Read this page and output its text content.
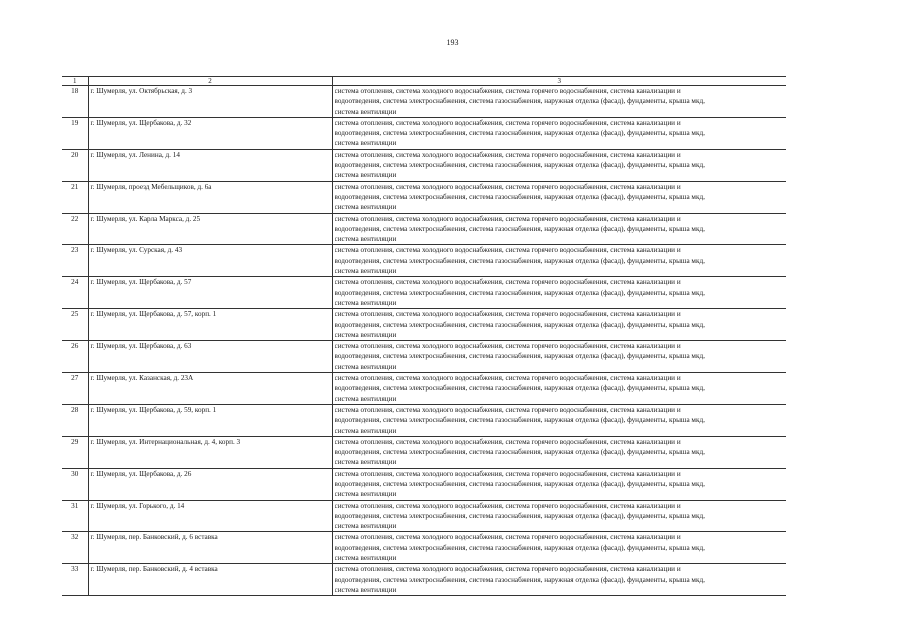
193
1	2	3
18	г. Шумерля, ул. Октябрьская, д. 3	система отопления, система холодного водоснабжения, система горячего водоснабжения, система канализации и
водоотведения, система электроснабжения, система газоснабжения, наружная отделка (фасад), фундаменты, крыша мкд,
система вентиляции

19	г. Шумерля, ул. Щербакова, д. 32	система отопления, система холодного водоснабжения, система горячего водоснабжения, система канализации и
водоотведения, система электроснабжения, система газоснабжения, наружная отделка (фасад), фундаменты, крыша мкд,
система вентиляции

20	г. Шумерля, ул. Ленина, д. 14	система отопления, система холодного водоснабжения, система горячего водоснабжения, система канализации и
водоотведения, система электроснабжения, система газоснабжения, наружная отделка (фасад), фундаменты, крыша мкд,
система вентиляции

21	г. Шумерля, проезд Мебельщиков, д. 6а	система отопления, система холодного водоснабжения, система горячего водоснабжения, система канализации и
водоотведения, система электроснабжения, система газоснабжения, наружная отделка (фасад), фундаменты, крыша мкд,
система вентиляции

22	г. Шумерля, ул. Карла Маркса, д. 25	система отопления, система холодного водоснабжения, система горячего водоснабжения, система канализации и
водоотведения, система электроснабжения, система газоснабжения, наружная отделка (фасад), фундаменты, крыша мкд,
система вентиляции

23	г. Шумерля, ул. Сурская, д. 43	система отопления, система холодного водоснабжения, система горячего водоснабжения, система канализации и
водоотведения, система электроснабжения, система газоснабжения, наружная отделка (фасад), фундаменты, крыша мкд,
система вентиляции

24	г. Шумерля, ул. Щербакова, д. 57	система отопления, система холодного водоснабжения, система горячего водоснабжения, система канализации и
водоотведения, система электроснабжения, система газоснабжения, наружная отделка (фасад), фундаменты, крыша мкд,
система вентиляции

25	г. Шумерля, ул. Щербакова, д. 57, корп. 1	система отопления, система холодного водоснабжения, система горячего водоснабжения, система канализации и
водоотведения, система электроснабжения, система газоснабжения, наружная отделка (фасад), фундаменты, крыша мкд,
система вентиляции

26	г. Шумерля, ул. Щербакова, д. 63	система отопления, система холодного водоснабжения, система горячего водоснабжения, система канализации и
водоотведения, система электроснабжения, система газоснабжения, наружная отделка (фасад), фундаменты, крыша мкд,
система вентиляции

27	г. Шумерля, ул. Казанская, д. 23А	система отопления, система холодного водоснабжения, система горячего водоснабжения, система канализации и
водоотведения, система электроснабжения, система газоснабжения, наружная отделка (фасад), фундаменты, крыша мкд,
система вентиляции

28	г. Шумерля, ул. Щербакова, д. 59, корп. 1	система отопления, система холодного водоснабжения, система горячего водоснабжения, система канализации и
водоотведения, система электроснабжения, система газоснабжения, наружная отделка (фасад), фундаменты, крыша мкд,
система вентиляции

29	г. Шумерля, ул. Интернациональная, д. 4, корп. 3	система отопления, система холодного водоснабжения, система горячего водоснабжения, система канализации и
водоотведения, система электроснабжения, система газоснабжения, наружная отделка (фасад), фундаменты, крыша мкд,
система вентиляции

30	г. Шумерля, ул. Щербакова, д. 26	система отопления, система холодного водоснабжения, система горячего водоснабжения, система канализации и
водоотведения, система электроснабжения, система газоснабжения, наружная отделка (фасад), фундаменты, крыша мкд,
система вентиляции

31	г. Шумерля, ул. Горького, д. 14	система отопления, система холодного водоснабжения, система горячего водоснабжения, система канализации и
водоотведения, система электроснабжения, система газоснабжения, наружная отделка (фасад), фундаменты, крыша мкд,
система вентиляции

32	г. Шумерля, пер. Банковский, д. 6 вставка	система отопления, система холодного водоснабжения, система горячего водоснабжения, система канализации и
водоотведения, система электроснабжения, система газоснабжения, наружная отделка (фасад), фундаменты, крыша мкд,
система вентиляции

33	г. Шумерля, пер. Банковский, д. 4 вставка	система отопления, система холодного водоснабжения, система горячего водоснабжения, система канализации и
водоотведения, система электроснабжения, система газоснабжения, наружная отделка (фасад), фундаменты, крыша мкд,
система вентиляции
